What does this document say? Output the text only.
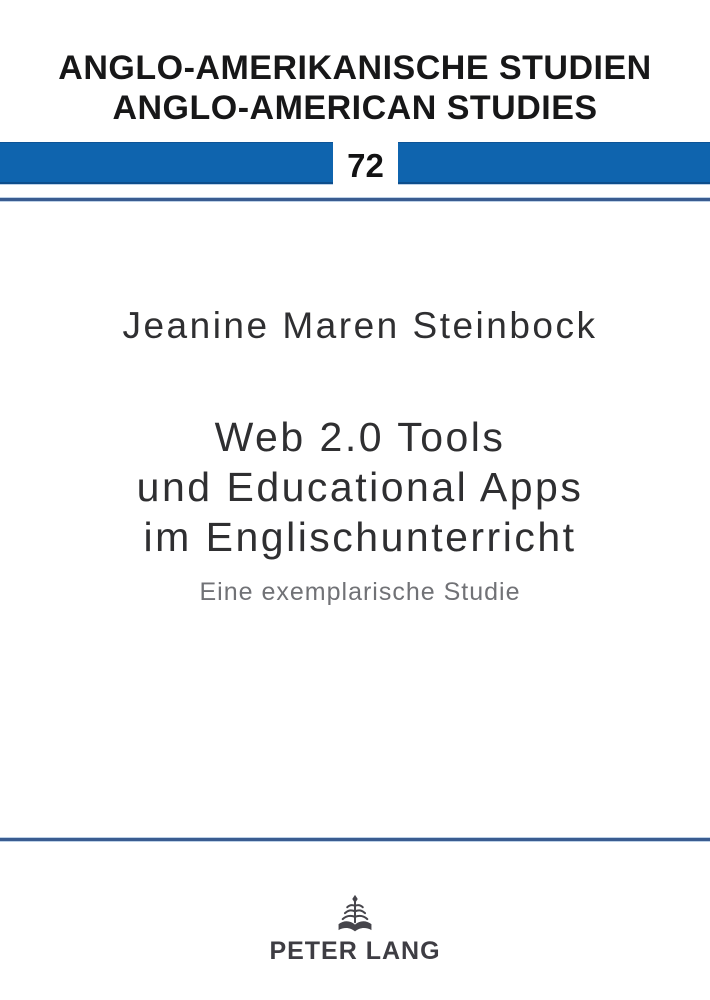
ANGLO-AMERIKANISCHE STUDIEN
ANGLO-AMERICAN STUDIES
72
Jeanine Maren Steinbock
Web 2.0 Tools
und Educational Apps
im Englischunterricht
Eine exemplarische Studie
PETER LANG
